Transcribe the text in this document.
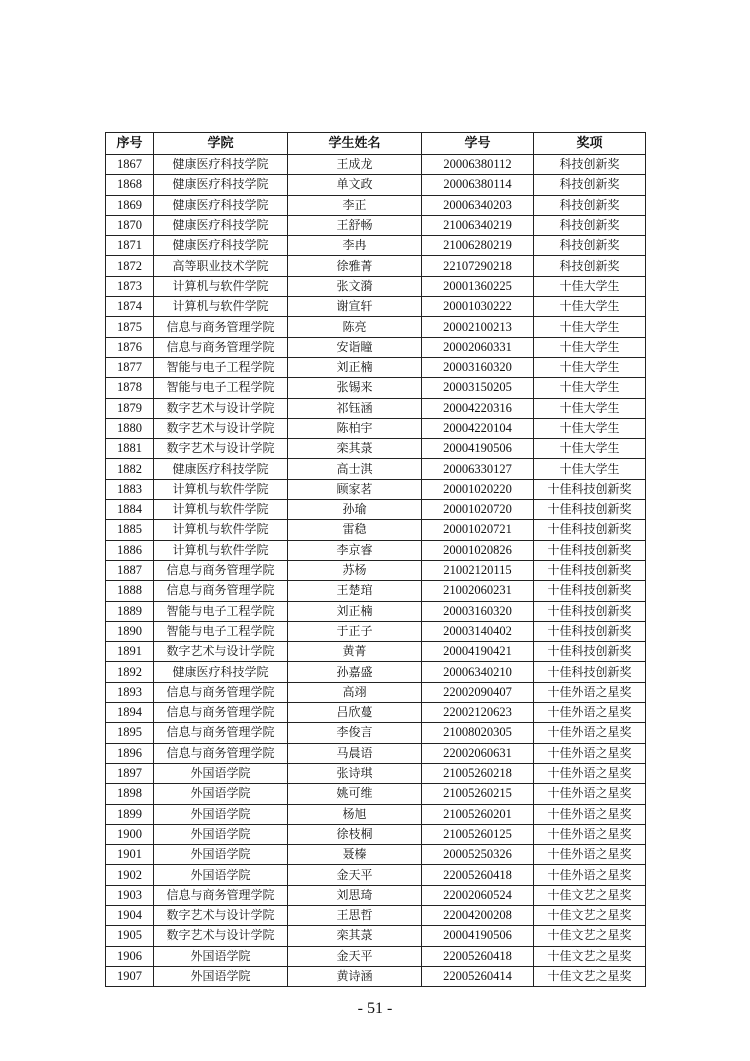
序号	学院	学生姓名	学号	奖项
1867	健康医疗科技学院	王成龙	20006380112	科技创新奖
1868	健康医疗科技学院	单文政	20006380114	科技创新奖
1869	健康医疗科技学院	李正	20006340203	科技创新奖
1870	健康医疗科技学院	王舒畅	21006340219	科技创新奖
1871	健康医疗科技学院	李冉	21006280219	科技创新奖
1872	高等职业技术学院	徐雅菁	22107290218	科技创新奖
1873	计算机与软件学院	张文漪	20001360225	十佳大学生
1874	计算机与软件学院	谢宣轩	20001030222	十佳大学生
1875	信息与商务管理学院	陈亮	20002100213	十佳大学生
1876	信息与商务管理学院	安诣瞳	20002060331	十佳大学生
1877	智能与电子工程学院	刘正楠	20003160320	十佳大学生
1878	智能与电子工程学院	张锡来	20003150205	十佳大学生
1879	数字艺术与设计学院	祁钰涵	20004220316	十佳大学生
1880	数字艺术与设计学院	陈柏宇	20004220104	十佳大学生
1881	数字艺术与设计学院	栾其菉	20004190506	十佳大学生
1882	健康医疗科技学院	高士淇	20006330127	十佳大学生
1883	计算机与软件学院	顾家茗	20001020220	十佳科技创新奖
1884	计算机与软件学院	孙瑜	20001020720	十佳科技创新奖
1885	计算机与软件学院	雷稳	20001020721	十佳科技创新奖
1886	计算机与软件学院	李京睿	20001020826	十佳科技创新奖
1887	信息与商务管理学院	苏杨	21002120115	十佳科技创新奖
1888	信息与商务管理学院	王楚琯	21002060231	十佳科技创新奖
1889	智能与电子工程学院	刘正楠	20003160320	十佳科技创新奖
1890	智能与电子工程学院	于正子	20003140402	十佳科技创新奖
1891	数字艺术与设计学院	黄菁	20004190421	十佳科技创新奖
1892	健康医疗科技学院	孙嘉盛	20006340210	十佳科技创新奖
1893	信息与商务管理学院	高翊	22002090407	十佳外语之星奖
1894	信息与商务管理学院	吕欣蔓	22002120623	十佳外语之星奖
1895	信息与商务管理学院	李俊言	21008020305	十佳外语之星奖
1896	信息与商务管理学院	马晨语	22002060631	十佳外语之星奖
1897	外国语学院	张诗琪	21005260218	十佳外语之星奖
1898	外国语学院	姚可维	21005260215	十佳外语之星奖
1899	外国语学院	杨旭	21005260201	十佳外语之星奖
1900	外国语学院	徐枝桐	21005260125	十佳外语之星奖
1901	外国语学院	聂榛	20005250326	十佳外语之星奖
1902	外国语学院	金天平	22005260418	十佳外语之星奖
1903	信息与商务管理学院	刘思琦	22002060524	十佳文艺之星奖
1904	数字艺术与设计学院	王思哲	22004200208	十佳文艺之星奖
1905	数字艺术与设计学院	栾其菉	20004190506	十佳文艺之星奖
1906	外国语学院	金天平	22005260418	十佳文艺之星奖
1907	外国语学院	黄诗涵	22005260414	十佳文艺之星奖
- 51 -
